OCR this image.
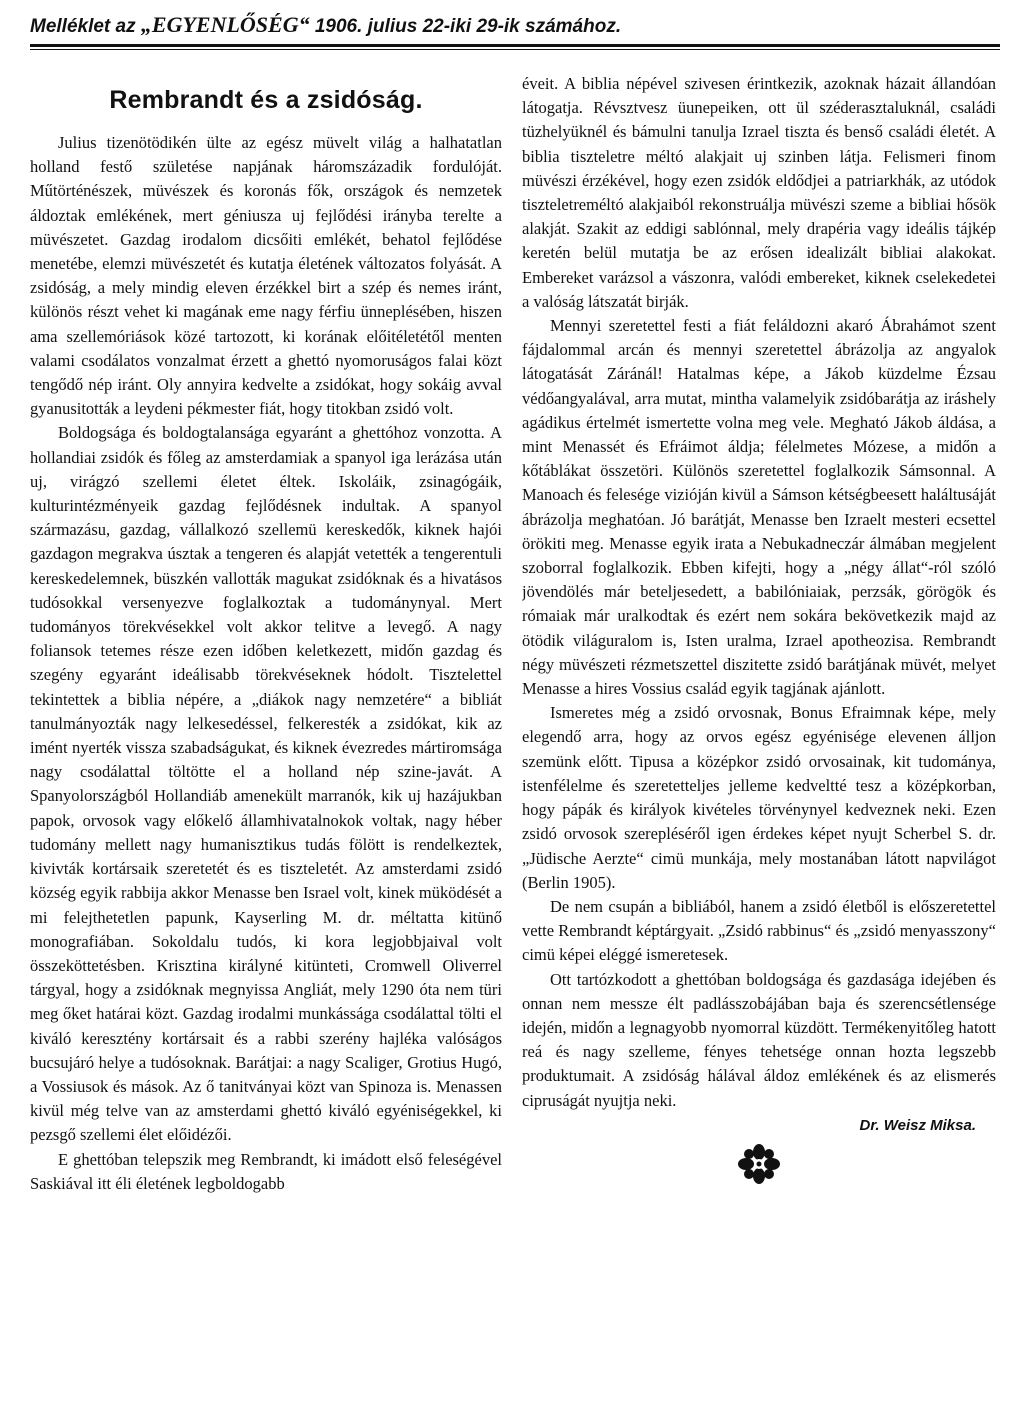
Melléklet az „EGYENLŐSÉG“ 1906. julius 22-iki 29-ik számához.
Rembrandt és a zsidóság.

Julius tizenötödikén ülte az egész müvelt világ a halhatatlan holland festő születése napjának háromszázadik fordulóját. Műtörténészek, müvészek és koronás fők, országok és nemzetek áldoztak emlékének, mert géniusza uj fejlődési irányba terelte a müvészetet. Gazdag irodalom dicsőiti emlékét, behatol fejlődése menetébe, elemzi müvészetét és kutatja életének változatos folyását. A zsidóság, a mely mindig eleven érzékkel birt a szép és nemes iránt, különös részt vehet ki magának eme nagy férfiu ünneplésében, hiszen ama szellemóriások közé tartozott, ki korának előitéletétől menten valami csodálatos vonzalmat érzett a ghettó nyomoruságos falai közt tengődő nép iránt. Oly annyira kedvelte a zsidókat, hogy sokáig avval gyanusitották a leydeni pékmester fiát, hogy titokban zsidó volt.

Boldogsága és boldogtalansága egyaránt a ghettóhoz vonzotta. A hollandiai zsidók és főleg az amsterdamiak a spanyol iga lerázása után uj, virágzó szellemi életet éltek. Iskoláik, zsinagógáik, kulturintézményeik gazdag fejlődésnek indultak. A spanyol származásu, gazdag, vállalkozó szellemü kereskedők, kiknek hajói gazdagon megrakva úsztak a tengeren és alapját vetették a tengerentuli kereskedelemnek, büszkén vallották magukat zsidóknak és a hivatásos tudósokkal versenyezve foglalkoztak a tudománynyal. Mert tudományos törekvésekkel volt akkor telitve a levegő. A nagy foliansok tetemes része ezen időben keletkezett, midőn gazdag és szegény egyaránt ideálisabb törekvéseknek hódolt. Tisztelettel tekintettek a biblia népére, a „diákok nagy nemzetére“ a bibliát tanulmányozták nagy lelkesedéssel, felkeresték a zsidókat, kik az imént nyerték vissza szabadságukat, és kiknek évezredes mártiromsága nagy csodálattal töltötte el a holland nép szine-javát. A Spanyolországból Hollandiáb amenekült marranók, kik uj hazájukban papok, orvosok vagy előkelő államhivatalnokok voltak, nagy héber tudomány mellett nagy humanisztikus tudás fölött is rendelkeztek, kivivták kortársaik szeretetét és es tiszteletét. Az amsterdami zsidó község egyik rabbija akkor Menasse ben Israel volt, kinek müködését a mi felejthetetlen papunk, Kayserling M. dr. méltatta kitünő monografiában. Sokoldalu tudós, ki kora legjobbjaival volt összeköttetésben. Krisztina királyné kitünteti, Cromwell Oliverrel tárgyal, hogy a zsidóknak megnyissa Angliát, mely 1290 óta nem türi meg őket határai közt. Gazdag irodalmi munkássága csodálattal tölti el kiváló keresztény kortársait és a rabbi szerény hajléka valóságos bucsujáró helye a tudósoknak. Barátjai: a nagy Scaliger, Grotius Hugó, a Vossiusok és mások. Az ő tanitványai közt van Spinoza is. Menassen kivül még telve van az amsterdami ghettó kiváló egyéniségekkel, ki pezsgő szellemi élet előidézői.

E ghettóban telepszik meg Rembrandt, ki imádott első feleségével Saskiával itt éli életének legboldogabb

éveit. A biblia népével szivesen érintkezik, azoknak házait állandóan látogatja. Révsztvesz üunepeiken, ott ül széderasztaluknál, családi tüzhelyüknél és bámulni tanulja Izrael tiszta és benső családi életét. A biblia tiszteletre méltó alakjait uj szinben látja. Felismeri finom müvészi érzékével, hogy ezen zsidók eldődjei a patriarkhák, az utódok tiszteletreméltó alakjaiból rekonstruálja müvészi szeme a bibliai hősök alakját. Szakit az eddigi sablónnal, mely drapéria vagy ideális tájkép keretén belül mutatja be az erősen idealizált bibliai alakokat. Embereket varázsol a vászonra, valódi embereket, kiknek cselekedetei a valóság látszatát birják.

Mennyi szeretettel festi a fiát feláldozni akaró Ábrahámot szent fájdalommal arcán és mennyi szeretettel ábrázolja az angyalok látogatását Záránál! Hatalmas képe, a Jákob küzdelme Ézsau védőangyalával, arra mutat, mintha valamelyik zsidóbarátja az iráshely agádikus értelmét ismertette volna meg vele. Megható Jákob áldása, a mint Menassét és Efráimot áldja; félelmetes Mózese, a midőn a kőtáblákat összetöri. Különös szeretettel foglalkozik Sámsonnal. A Manoach és felesége vizióján kivül a Sámson kétségbeesett haláltusáját ábrázolja meghatóan. Jó barátját, Menasse ben Izraelt mesteri ecsettel örökiti meg. Menasse egyik irata a Nebukadneczár álmában megjelent szoborral foglalkozik. Ebben kifejti, hogy a „négy állat“-ról szóló jövendölés már beteljesedett, a babilóniaiak, perzsák, görögök és rómaiak már uralkodtak és ezért nem sokára bekövetkezik majd az ötödik világuralom is, Isten uralma, Izrael apotheozisa. Rembrandt négy müvészeti rézmetszettel diszitette zsidó barátjának müvét, melyet Menasse a hires Vossius család egyik tagjának ajánlott.

Ismeretes még a zsidó orvosnak, Bonus Efraimnak képe, mely elegendő arra, hogy az orvos egész egyéniségе elevenen álljon szemünk előtt. Tipusa a középkor zsidó orvosainak, kit tudománya, istenfélelme és szeretetteljes jelleme kedveltté tesz a középkorban, hogy pápák és királyok kivételes törvénynyel kedveznek neki. Ezen zsidó orvosok szerepléséről igen érdekes képet nyujt Scherbel S. dr. „Jüdische Aerzte“ cimü munkája, mely mostanában látott napvilágot (Berlin 1905).

De nem csupán a bibliából, hanem a zsidó életből is előszeretettel vette Rembrandt képtárgyait. „Zsidó rabbinus“ és „zsidó menyasszony“ cimü képei eléggé ismeretesek.

Ott tartózkodott a ghettóban boldogsága és gazdasága idejében és onnan nem messze élt padlásszobájában baja és szerencsétlensége idején, midőn a legnagyobb nyomorral küzdött. Termékenyitőleg hatott reá és nagy szelleme, fényes tehetsége onnan hozta legszebb produktumait. A zsidóság hálával áldoz emlékének és az elismerés cipruságát nyujtja neki.

Dr. Weisz Miksa.
